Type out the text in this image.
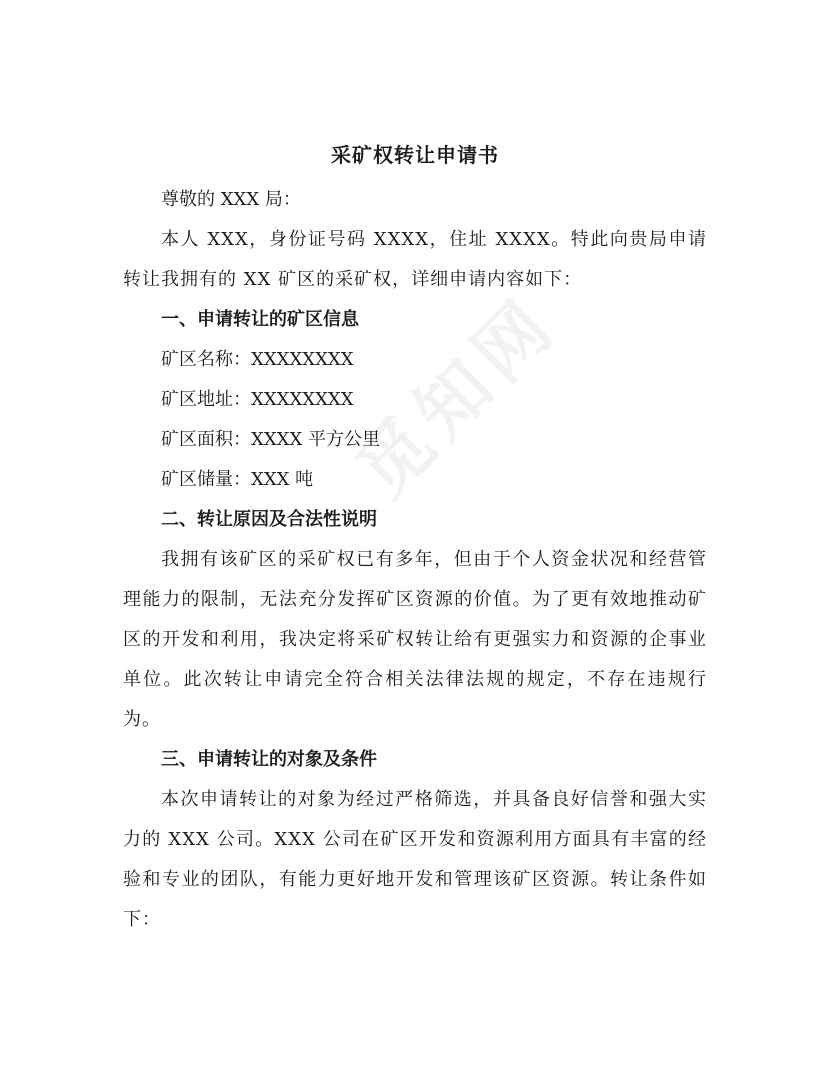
觅知网
采矿权转让申请书

尊敬的 XXX 局：

本人 XXX，身份证号码 XXXX，住址 XXXX。特此向贵局申请转让我拥有的 XX 矿区的采矿权，详细申请内容如下：

一、申请转让的矿区信息

矿区名称：XXXXXXXX

矿区地址：XXXXXXXX

矿区面积：XXXX 平方公里

矿区储量：XXX 吨

二、转让原因及合法性说明

我拥有该矿区的采矿权已有多年，但由于个人资金状况和经营管理能力的限制，无法充分发挥矿区资源的价值。为了更有效地推动矿区的开发和利用，我决定将采矿权转让给有更强实力和资源的企事业单位。此次转让申请完全符合相关法律法规的规定，不存在违规行为。

三、申请转让的对象及条件

本次申请转让的对象为经过严格筛选，并具备良好信誉和强大实力的 XXX 公司。XXX 公司在矿区开发和资源利用方面具有丰富的经验和专业的团队，有能力更好地开发和管理该矿区资源。转让条件如下：
